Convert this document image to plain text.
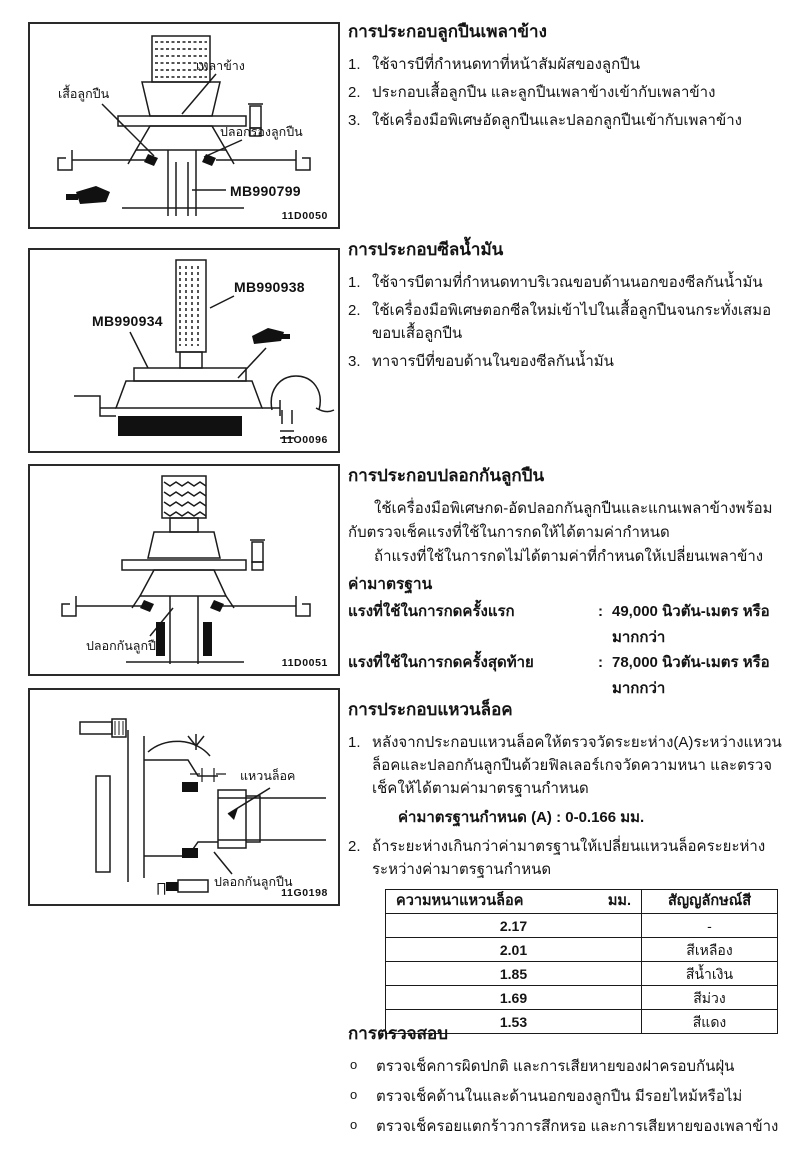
เสื้อลูกปืน
เพลาข้าง
ปลอกรองลูกปืน
MB990799
11D0050
MB990934
MB990938
11O0096
ปลอกกันลูกปืน
11D0051
แหวนล็อค
ปลอกกันลูกปืน
∏	11G0198
การประกอบลูกปืนเพลาข้าง
1. ใช้จารบีที่กำหนดทาที่หน้าสัมผัสของลูกปืน
2. ประกอบเสื้อลูกปืน และลูกปืนเพลาข้างเข้ากับเพลาข้าง
3. ใช้เครื่องมือพิเศษอัดลูกปืนและปลอกลูกปืนเข้ากับเพลาข้าง
การประกอบซีลน้ำมัน
1. ใช้จารบีตามที่กำหนดทาบริเวณขอบด้านนอกของซีลกันน้ำมัน
2. ใช้เครื่องมือพิเศษตอกซีลใหม่เข้าไปในเสื้อลูกปืนจนกระทั่งเสมอขอบเสื้อลูกปืน
3. ทาจารบีที่ขอบด้านในของซีลกันน้ำมัน
การประกอบปลอกกันลูกปืน

ใช้เครื่องมือพิเศษกด-อัดปลอกกันลูกปืนและแกนเพลาข้างพร้อมกับตรวจเช็คแรงที่ใช้ในการกดให้ได้ตามค่ากำหนด

ถ้าแรงที่ใช้ในการกดไม่ได้ตามค่าที่กำหนดให้เปลี่ยนเพลาข้าง

ค่ามาตรฐาน
แรงที่ใช้ในการกดครั้งแรก	: 49,000 นิวตัน-เมตร หรือมากกว่า
แรงที่ใช้ในการกดครั้งสุดท้าย	: 78,000 นิวตัน-เมตร หรือมากกว่า
การประกอบแหวนล็อค
1. หลังจากประกอบแหวนล็อคให้ตรวจวัดระยะห่าง(A)ระหว่างแหวนล็อคและปลอกกันลูกปืนด้วยฟิลเลอร์เกจวัดความหนา และตรวจเช็คให้ได้ตามค่ามาตรฐานกำหนด
ค่ามาตรฐานกำหนด (A) : 0-0.166 มม.
2. ถ้าระยะห่างเกินกว่าค่ามาตรฐานให้เปลี่ยนแหวนล็อคระยะห่างระหว่างค่ามาตรฐานกำหนด
ความหนาแหวนล็อค มม.	สัญญลักษณ์สี
2.17	-
2.01	สีเหลือง
1.85	สีน้ำเงิน
1.69	สีม่วง
1.53	สีแดง
การตรวจสอบ
o	ตรวจเช็คการผิดปกติ และการเสียหายของฝาครอบกันฝุ่น
o	ตรวจเช็คด้านในและด้านนอกของลูกปืน มีรอยไหม้หรือไม่
o	ตรวจเช็ครอยแตกร้าวการสึกหรอ และการเสียหายของเพลาข้าง
